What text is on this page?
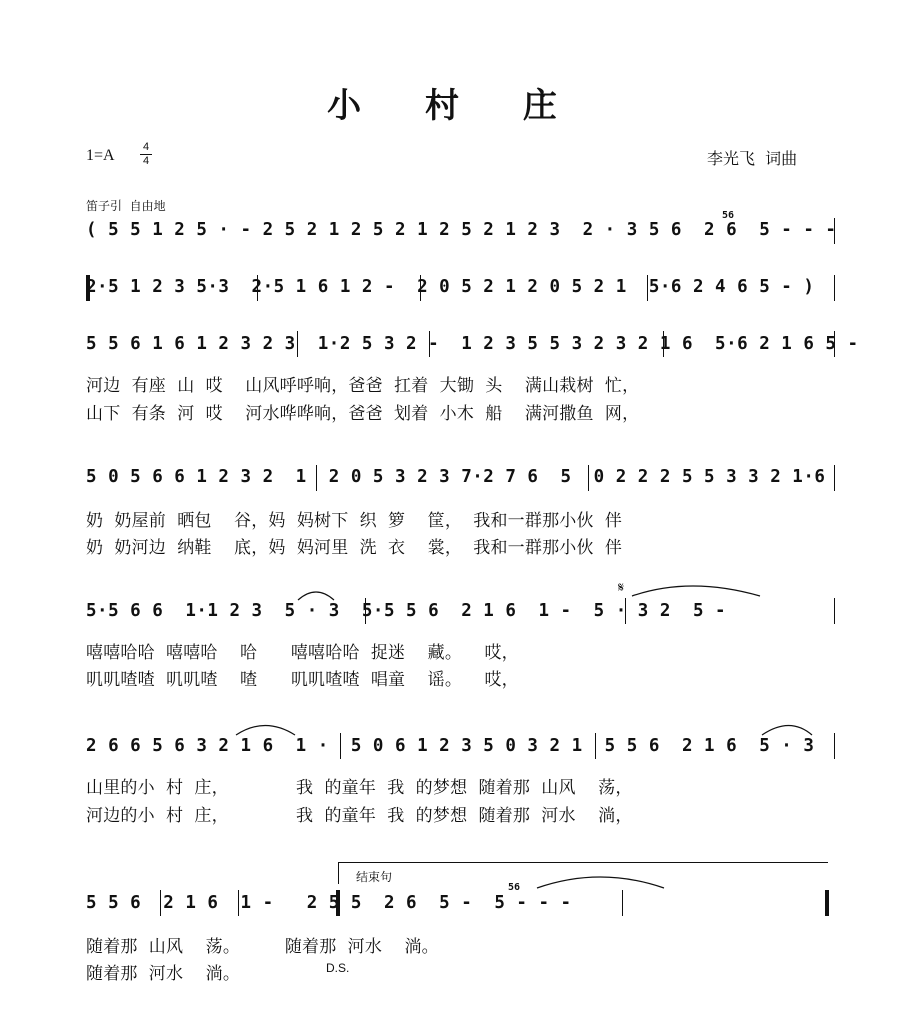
小 村 庄
1=A	4
4	李光飞  词曲
笛子引  自由地
( 5 5 1 2 5 · - 2 5 2 1 2 5 2 1 2 5 2 1 2 3  2 · 3 5 6  2 6  5 - - -
56
2·5 1 2 3 5·3  2·5 1 6 1 2 -  2 0 5 2 1 2 0 5 2 1  5·6 2 4 6 5 - )
5 5 6 1 6 1 2 3 2 3  1·2 5 3 2 -  1 2 3 5 5 3 2 3 2 1 6  5·6 2 1 6 5 -
河边  有座  山  哎    山风呼呼响，爸爸  扛着  大锄  头    满山栽树  忙，
山下  有条  河  哎    河水哗哗响，爸爸  划着  小木  船    满河撒鱼  网，
5 0 5 6 6 1 2 3 2  1  2 0 5 3 2 3 7·2 7 6  5  0 2 2 2 5 5 3 3 2 1·6
奶  奶屋前  晒包    谷，妈  妈树下  织  箩    筐，  我和一群那小伙  伴
奶  奶河边  纳鞋    底，妈  妈河里  洗  衣    裳，  我和一群那小伙  伴
𝄋
5·5 6 6  1·1 2 3  5 · 3  5·5 5 6  2 1 6  1 -  5 · 3 2  5 -
嘻嘻哈哈  嘻嘻哈    哈      嘻嘻哈哈  捉迷    藏。    哎，
叽叽喳喳  叽叽喳    喳      叽叽喳喳  唱童    谣。    哎，
2 6 6 5 6 3 2 1 6  1 ·  5 0 6 1 2 3 5 0 3 2 1  5 5 6  2 1 6  5 · 3
山里的小  村  庄，            我  的童年  我  的梦想  随着那  山风    荡，
河边的小  村  庄，            我  的童年  我  的梦想  随着那  河水    淌，
结束句
5 5 6  2 1 6  1 -   2 5 5  2 6  5 -  5 - - -
56
随着那  山风    荡。        随着那  河水    淌。
随着那  河水    淌。	D.S.
